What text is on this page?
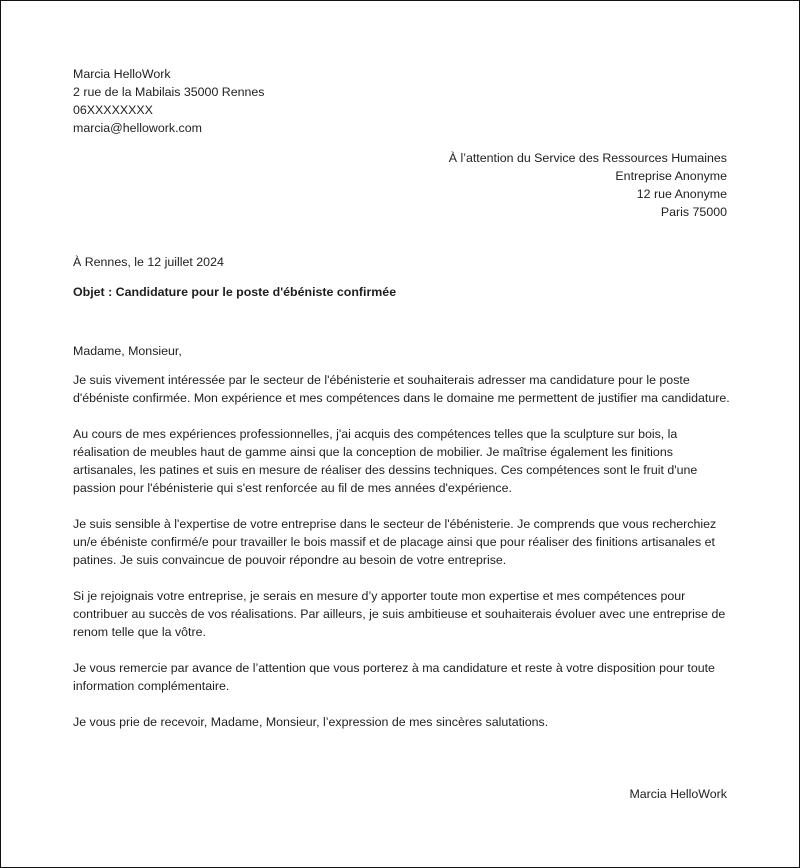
Marcia HelloWork
2 rue de la Mabilais 35000 Rennes
06XXXXXXXX
marcia@hellowork.com
À l’attention du Service des Ressources Humaines
Entreprise Anonyme
12 rue Anonyme
Paris 75000
À Rennes, le 12 juillet 2024
Objet : Candidature pour le poste d'ébéniste confirmée
Madame, Monsieur,

Je suis vivement intéressée par le secteur de l'ébénisterie et souhaiterais adresser ma candidature pour le poste d'ébéniste confirmée. Mon expérience et mes compétences dans le domaine me permettent de justifier ma candidature.

Au cours de mes expériences professionnelles, j'ai acquis des compétences telles que la sculpture sur bois, la réalisation de meubles haut de gamme ainsi que la conception de mobilier. Je maîtrise également les finitions artisanales, les patines et suis en mesure de réaliser des dessins techniques. Ces compétences sont le fruit d'une passion pour l'ébénisterie qui s'est renforcée au fil de mes années d'expérience.

Je suis sensible à l'expertise de votre entreprise dans le secteur de l'ébénisterie. Je comprends que vous recherchiez un/e ébéniste confirmé/e pour travailler le bois massif et de placage ainsi que pour réaliser des finitions artisanales et patines. Je suis convaincue de pouvoir répondre au besoin de votre entreprise.

Si je rejoignais votre entreprise, je serais en mesure d’y apporter toute mon expertise et mes compétences pour contribuer au succès de vos réalisations. Par ailleurs, je suis ambitieuse et souhaiterais évoluer avec une entreprise de renom telle que la vôtre.

Je vous remercie par avance de l’attention que vous porterez à ma candidature et reste à votre disposition pour toute information complémentaire.

Je vous prie de recevoir, Madame, Monsieur, l’expression de mes sincères salutations.

Marcia HelloWork
